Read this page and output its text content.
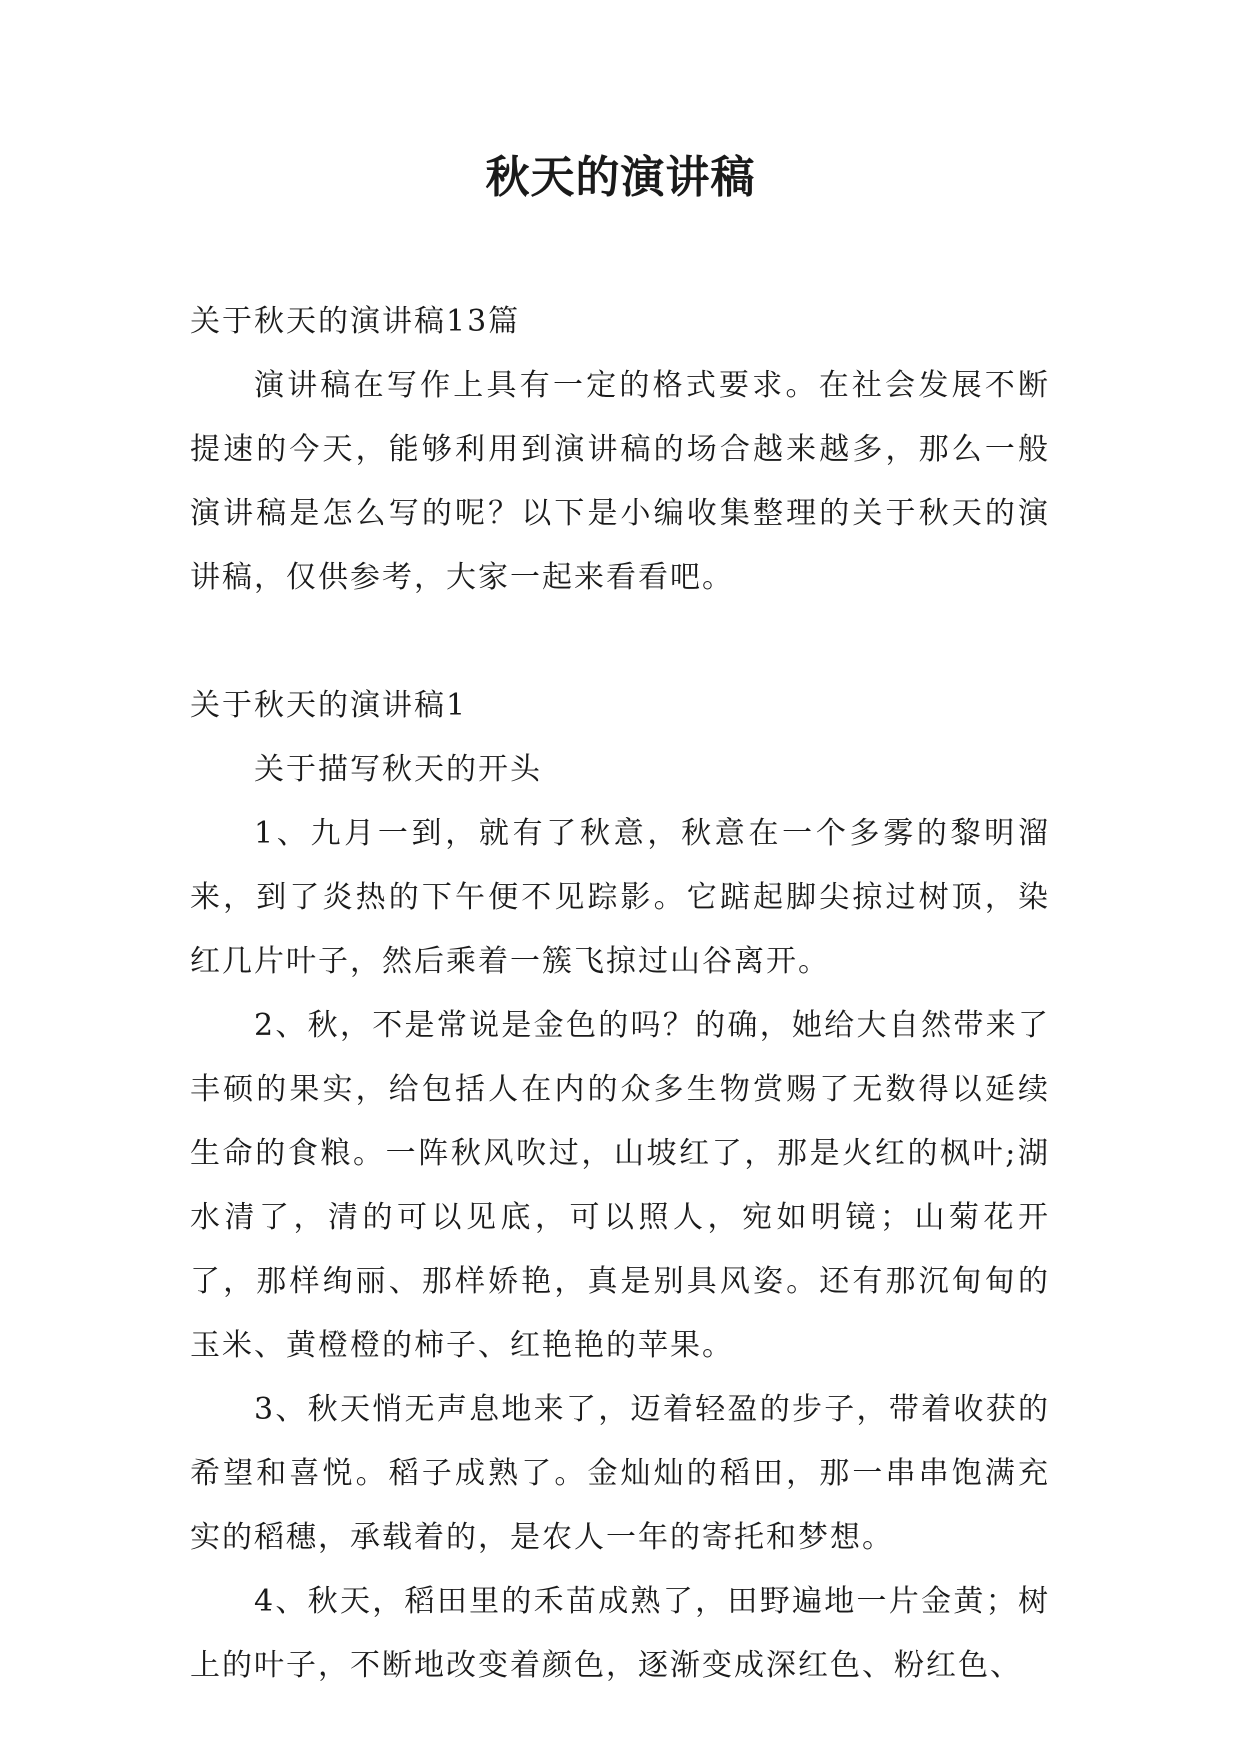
秋天的演讲稿

关于秋天的演讲稿13篇

演讲稿在写作上具有一定的格式要求。在社会发展不断提速的今天，能够利用到演讲稿的场合越来越多，那么一般演讲稿是怎么写的呢？以下是小编收集整理的关于秋天的演讲稿，仅供参考，大家一起来看看吧。

关于秋天的演讲稿1

关于描写秋天的开头

1、九月一到，就有了秋意，秋意在一个多雾的黎明溜来，到了炎热的下午便不见踪影。它踮起脚尖掠过树顶，染红几片叶子，然后乘着一簇飞掠过山谷离开。

2、秋，不是常说是金色的吗？的确，她给大自然带来了丰硕的果实，给包括人在内的众多生物赏赐了无数得以延续生命的食粮。一阵秋风吹过，山坡红了，那是火红的枫叶;湖水清了，清的可以见底，可以照人，宛如明镜；山菊花开了，那样绚丽、那样娇艳，真是别具风姿。还有那沉甸甸的玉米、黄橙橙的柿子、红艳艳的苹果。

3、秋天悄无声息地来了，迈着轻盈的步子，带着收获的希望和喜悦。稻子成熟了。金灿灿的稻田，那一串串饱满充实的稻穗，承载着的，是农人一年的寄托和梦想。

4、秋天，稻田里的禾苗成熟了，田野遍地一片金黄；树上的叶子，不断地改变着颜色，逐渐变成深红色、粉红色、
